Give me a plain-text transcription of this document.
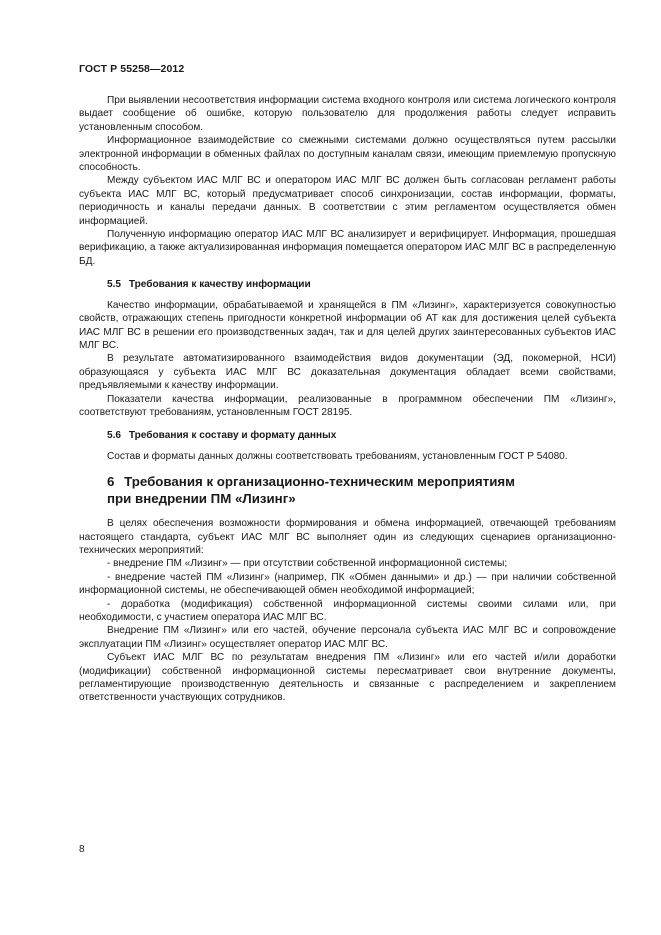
ГОСТ Р 55258—2012

При выявлении несоответствия информации система входного контроля или система логического контроля выдает сообщение об ошибке, которую пользователю для продолжения работы следует исправить установленным способом.

Информационное взаимодействие со смежными системами должно осуществляться путем рассылки электронной информации в обменных файлах по доступным каналам связи, имеющим приемлемую пропускную способность.

Между субъектом ИАС МЛГ ВС и оператором ИАС МЛГ ВС должен быть согласован регламент работы субъекта ИАС МЛГ ВС, который предусматривает способ синхронизации, состав информации, форматы, периодичность и каналы передачи данных. В соответствии с этим регламентом осуществляется обмен информацией.

Полученную информацию оператор ИАС МЛГ ВС анализирует и верифицирует. Информация, прошедшая верификацию, а также актуализированная информация помещается оператором ИАС МЛГ ВС в распределенную БД.

5.5 Требования к качеству информации

Качество информации, обрабатываемой и хранящейся в ПМ «Лизинг», характеризуется совокупностью свойств, отражающих степень пригодности конкретной информации об АТ как для достижения целей субъекта ИАС МЛГ ВС в решении его производственных задач, так и для целей других заинтересованных субъектов ИАС МЛГ ВС.

В результате автоматизированного взаимодействия видов документации (ЭД, покомерной, НСИ) образующаяся у субъекта ИАС МЛГ ВС доказательная документация обладает всеми свойствами, предъявляемыми к качеству информации.

Показатели качества информации, реализованные в программном обеспечении ПМ «Лизинг», соответствуют требованиям, установленным ГОСТ 28195.

5.6 Требования к составу и формату данных

Состав и форматы данных должны соответствовать требованиям, установленным ГОСТ Р 54080.

6 Требования к организационно-техническим мероприятиям
при внедрении ПМ «Лизинг»

В целях обеспечения возможности формирования и обмена информацией, отвечающей требованиям настоящего стандарта, субъект ИАС МЛГ ВС выполняет один из следующих сценариев организационно-технических мероприятий:

- внедрение ПМ «Лизинг» — при отсутствии собственной информационной системы;

- внедрение частей ПМ «Лизинг» (например, ПК «Обмен данными» и др.) — при наличии собственной информационной системы, не обеспечивающей обмен необходимой информацией;

- доработка (модификация) собственной информационной системы своими силами или, при необходимости, с участием оператора ИАС МЛГ ВС.

Внедрение ПМ «Лизинг» или его частей, обучение персонала субъекта ИАС МЛГ ВС и сопровождение эксплуатации ПМ «Лизинг» осуществляет оператор ИАС МЛГ ВС.

Субъект ИАС МЛГ ВС по результатам внедрения ПМ «Лизинг» или его частей и/или доработки (модификации) собственной информационной системы пересматривает свои внутренние документы, регламентирующие производственную деятельность и связанные с распределением и закреплением ответственности участвующих сотрудников.

8
